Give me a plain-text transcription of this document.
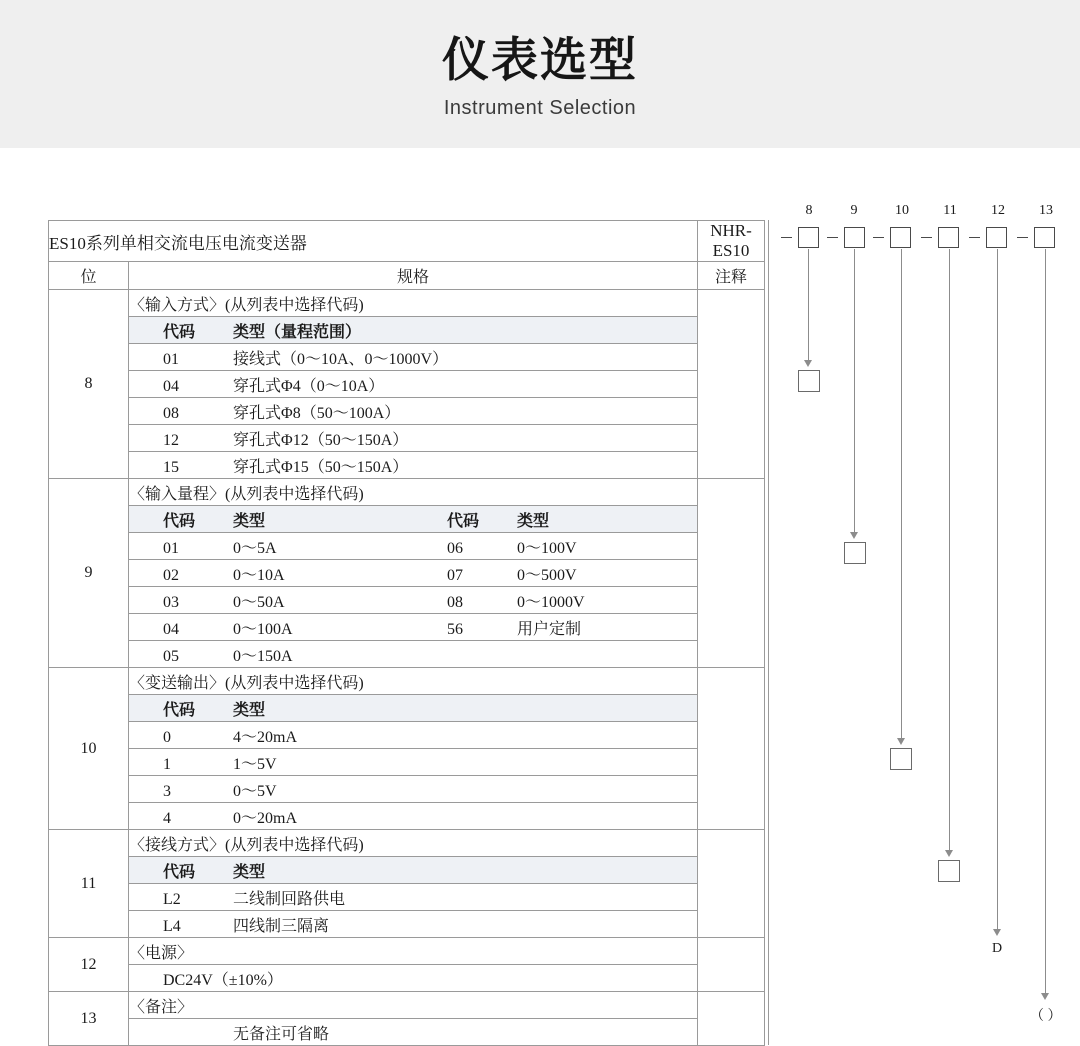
仪表选型
Instrument Selection
ES10系列单相交流电压电流变送器		NHR-ES10
位	规格	注释
8	〈输入方式〉(从列表中选择代码)	
	代码 类型（量程范围）	
	01 接线式（0～10A、0～1000V）	
	04 穿孔式Φ4（0～10A）	
	08 穿孔式Φ8（50～100A）	
	12 穿孔式Φ12（50～150A）	
	15 穿孔式Φ15（50～150A）	
9	〈输入量程〉(从列表中选择代码)	
	代码 类型 代码 类型	
	01 0～5A 06 0～100V	
	02 0～10A 07 0～500V	
	03 0～50A 08 0～1000V	
	04 0～100A 56 用户定制	
	05 0～150A	
10	〈变送输出〉(从列表中选择代码)	
	代码 类型	
	0 4～20mA	
	1 1～5V	
	3 0～5V	
	4 0～20mA	
11	〈接线方式〉(从列表中选择代码)	
	代码 类型	
	L2 二线制回路供电	
	L4 四线制三隔离	
12	〈电源〉	
	DC24V（±10%）	
13	〈备注〉	
	无备注可省略	
8	9	10	11	12	13
D
（ ）
